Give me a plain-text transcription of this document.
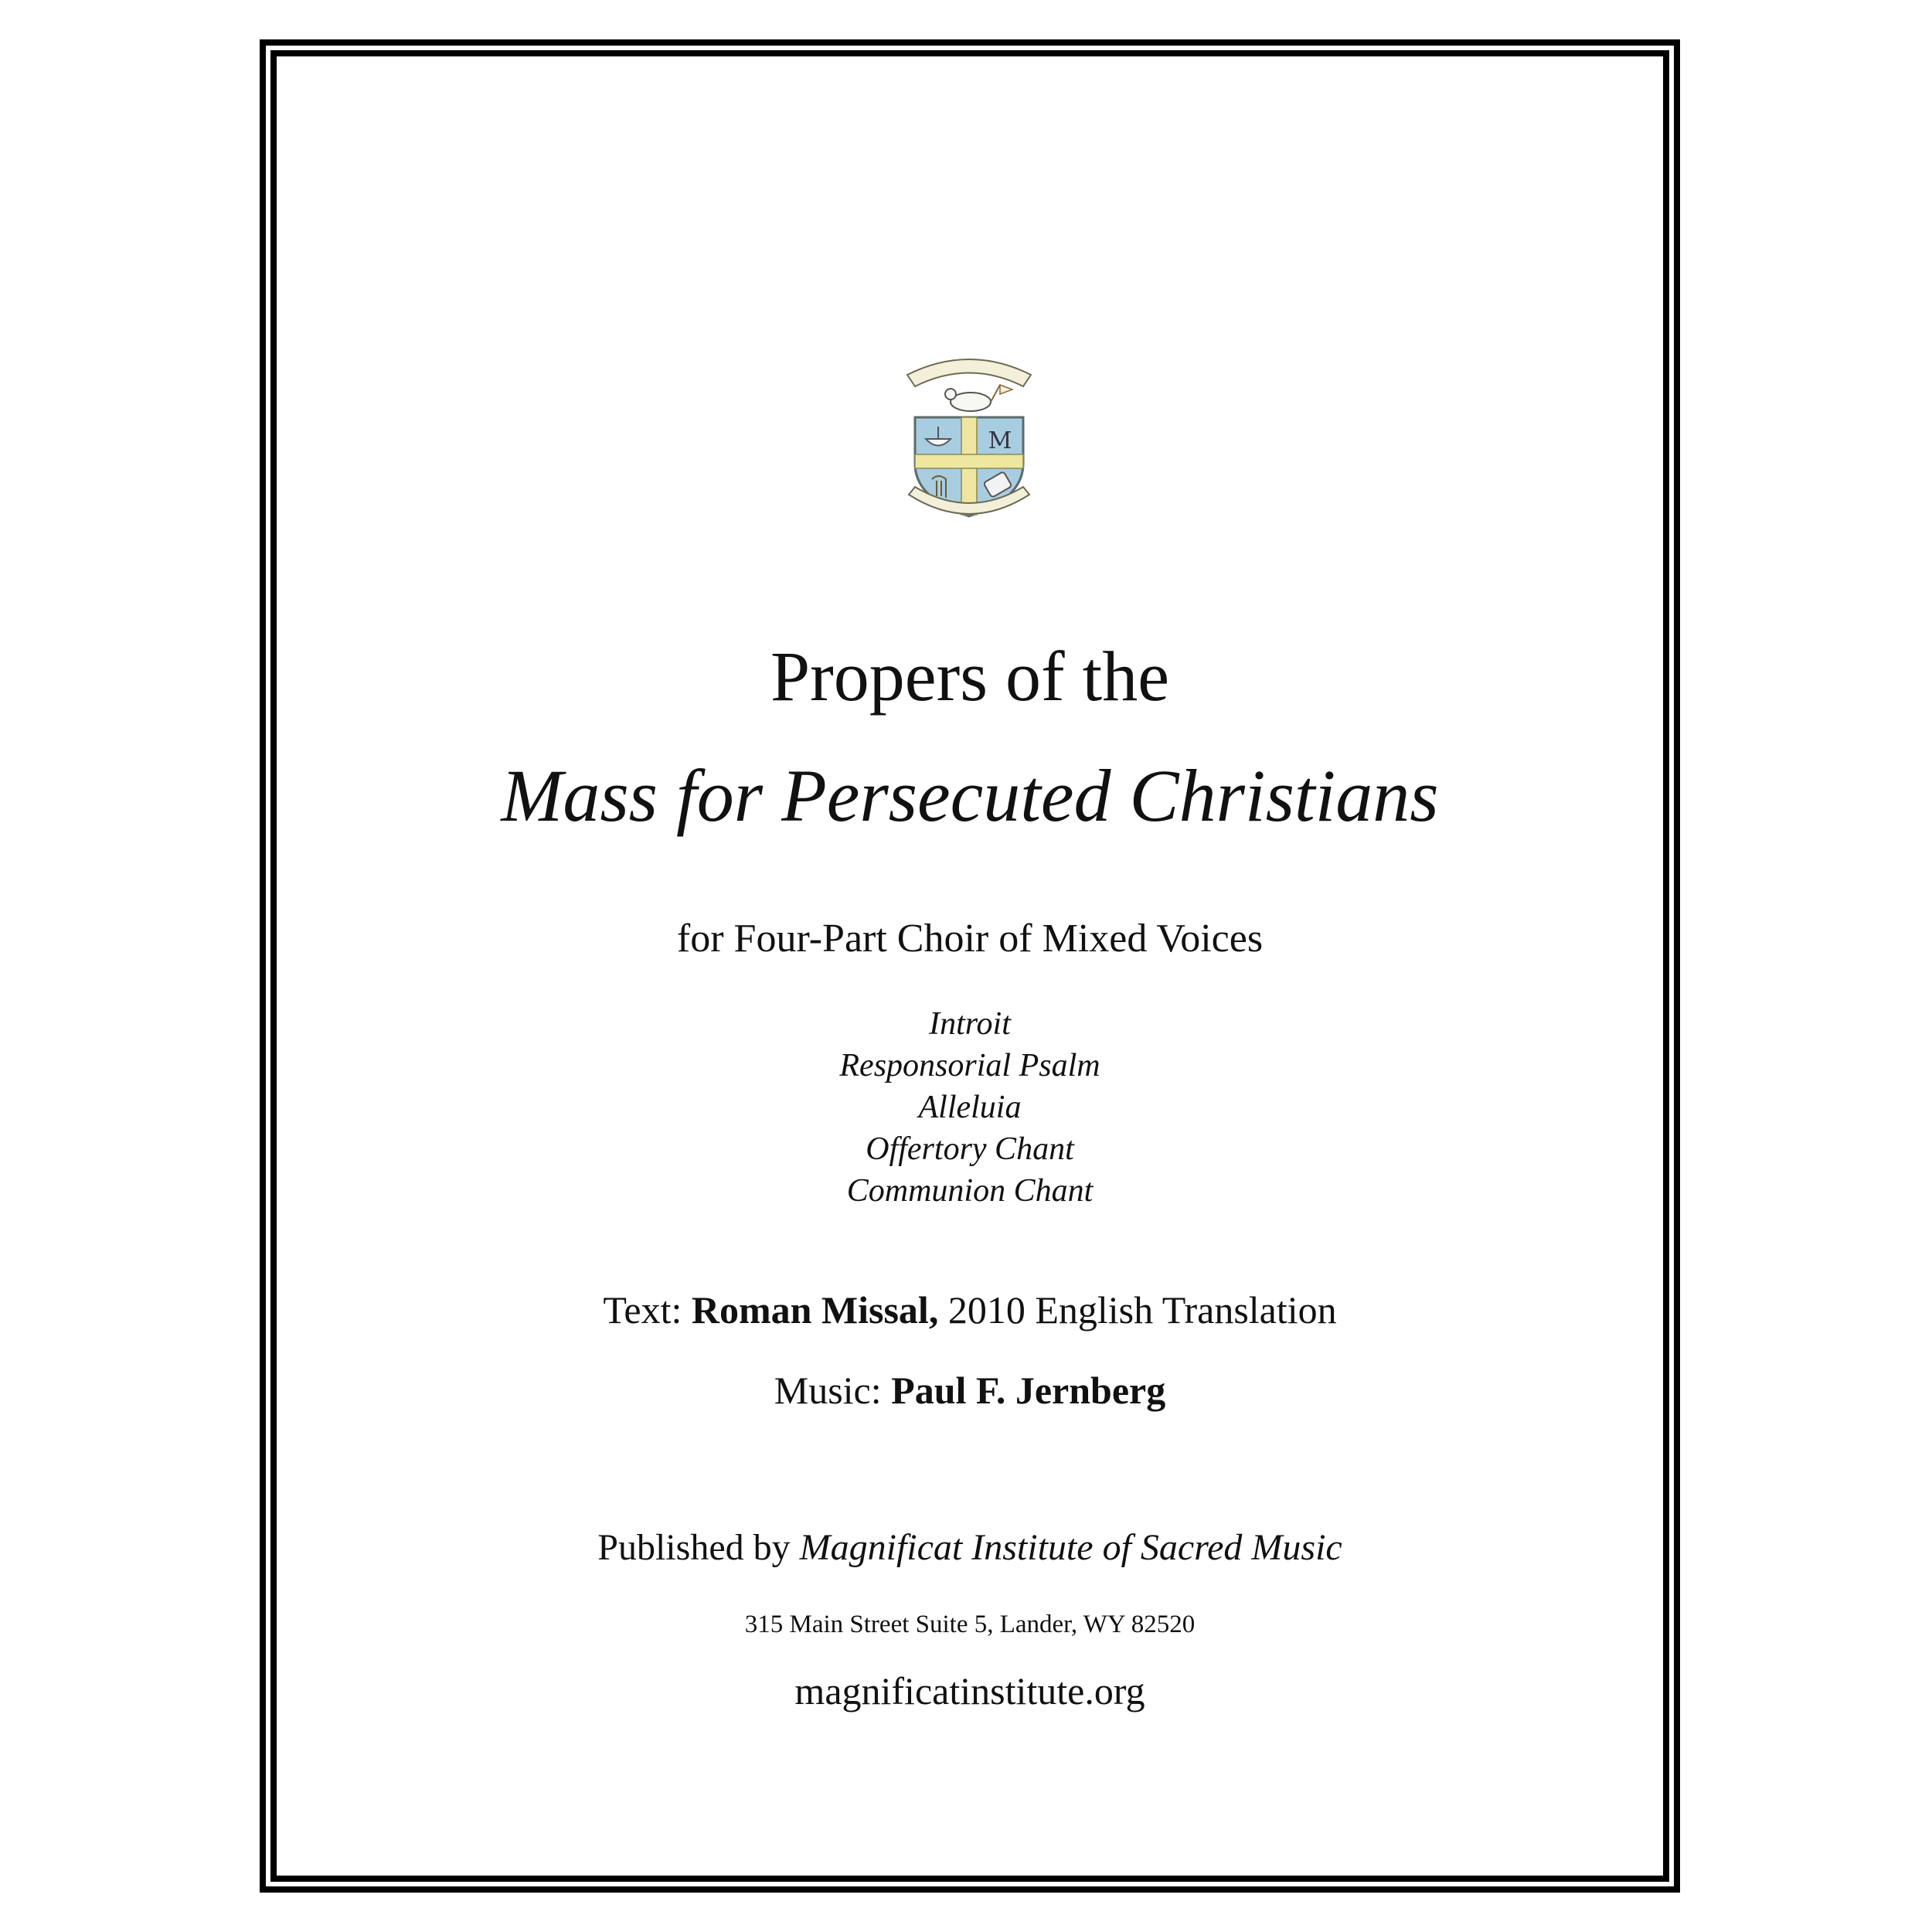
M
Propers of the
Mass for Persecuted Christians
for Four-Part Choir of Mixed Voices
Introit
Responsorial Psalm
Alleluia
Offertory Chant
Communion Chant
Text: Roman Missal, 2010 English Translation
Music: Paul F. Jernberg
Published by Magnificat Institute of Sacred Music
315 Main Street Suite 5, Lander, WY 82520
magnificatinstitute.org
